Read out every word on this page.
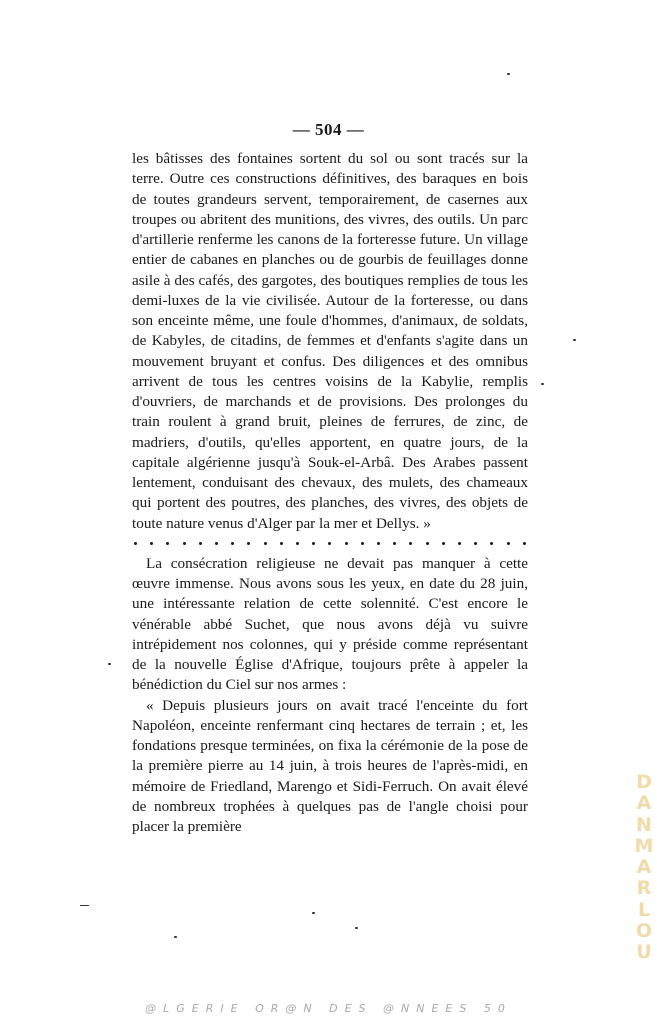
— 504 —

les bâtisses des fontaines sortent du sol ou sont tracés sur la terre. Outre ces constructions définitives, des baraques en bois de toutes grandeurs servent, temporairement, de casernes aux troupes ou abritent des munitions, des vivres, des outils. Un parc d'artillerie renferme les canons de la forteresse future. Un village entier de cabanes en planches ou de gourbis de feuillages donne asile à des cafés, des gargotes, des boutiques remplies de tous les demi-luxes de la vie civilisée. Autour de la forteresse, ou dans son enceinte même, une foule d'hommes, d'animaux, de soldats, de Kabyles, de citadins, de femmes et d'enfants s'agite dans un mouvement bruyant et confus. Des diligences et des omnibus arrivent de tous les centres voisins de la Kabylie, remplis d'ouvriers, de marchands et de provisions. Des prolonges du train roulent à grand bruit, pleines de ferrures, de zinc, de madriers, d'outils, qu'elles apportent, en quatre jours, de la capitale algérienne jusqu'à Souk-el-Arbâ. Des Arabes passent lentement, conduisant des chevaux, des mulets, des chameaux qui portent des poutres, des planches, des vivres, des objets de toute nature venus d'Alger par la mer et Dellys. »

La consécration religieuse ne devait pas manquer à cette œuvre immense. Nous avons sous les yeux, en date du 28 juin, une intéressante relation de cette solennité. C'est encore le vénérable abbé Suchet, que nous avons déjà vu suivre intrépidement nos colonnes, qui y préside comme représentant de la nouvelle Église d'Afrique, toujours prête à appeler la bénédiction du Ciel sur nos armes :

« Depuis plusieurs jours on avait tracé l'enceinte du fort Napoléon, enceinte renfermant cinq hectares de terrain ; et, les fondations presque terminées, on fixa la cérémonie de la pose de la première pierre au 14 juin, à trois heures de l'après-midi, en mémoire de Friedland, Marengo et Sidi-Ferruch. On avait élevé de nombreux trophées à quelques pas de l'angle choisi pour placer la première

D
A
N
M
A
R
L
O
U
@LGERIE OR@N DES @NNEES 50
